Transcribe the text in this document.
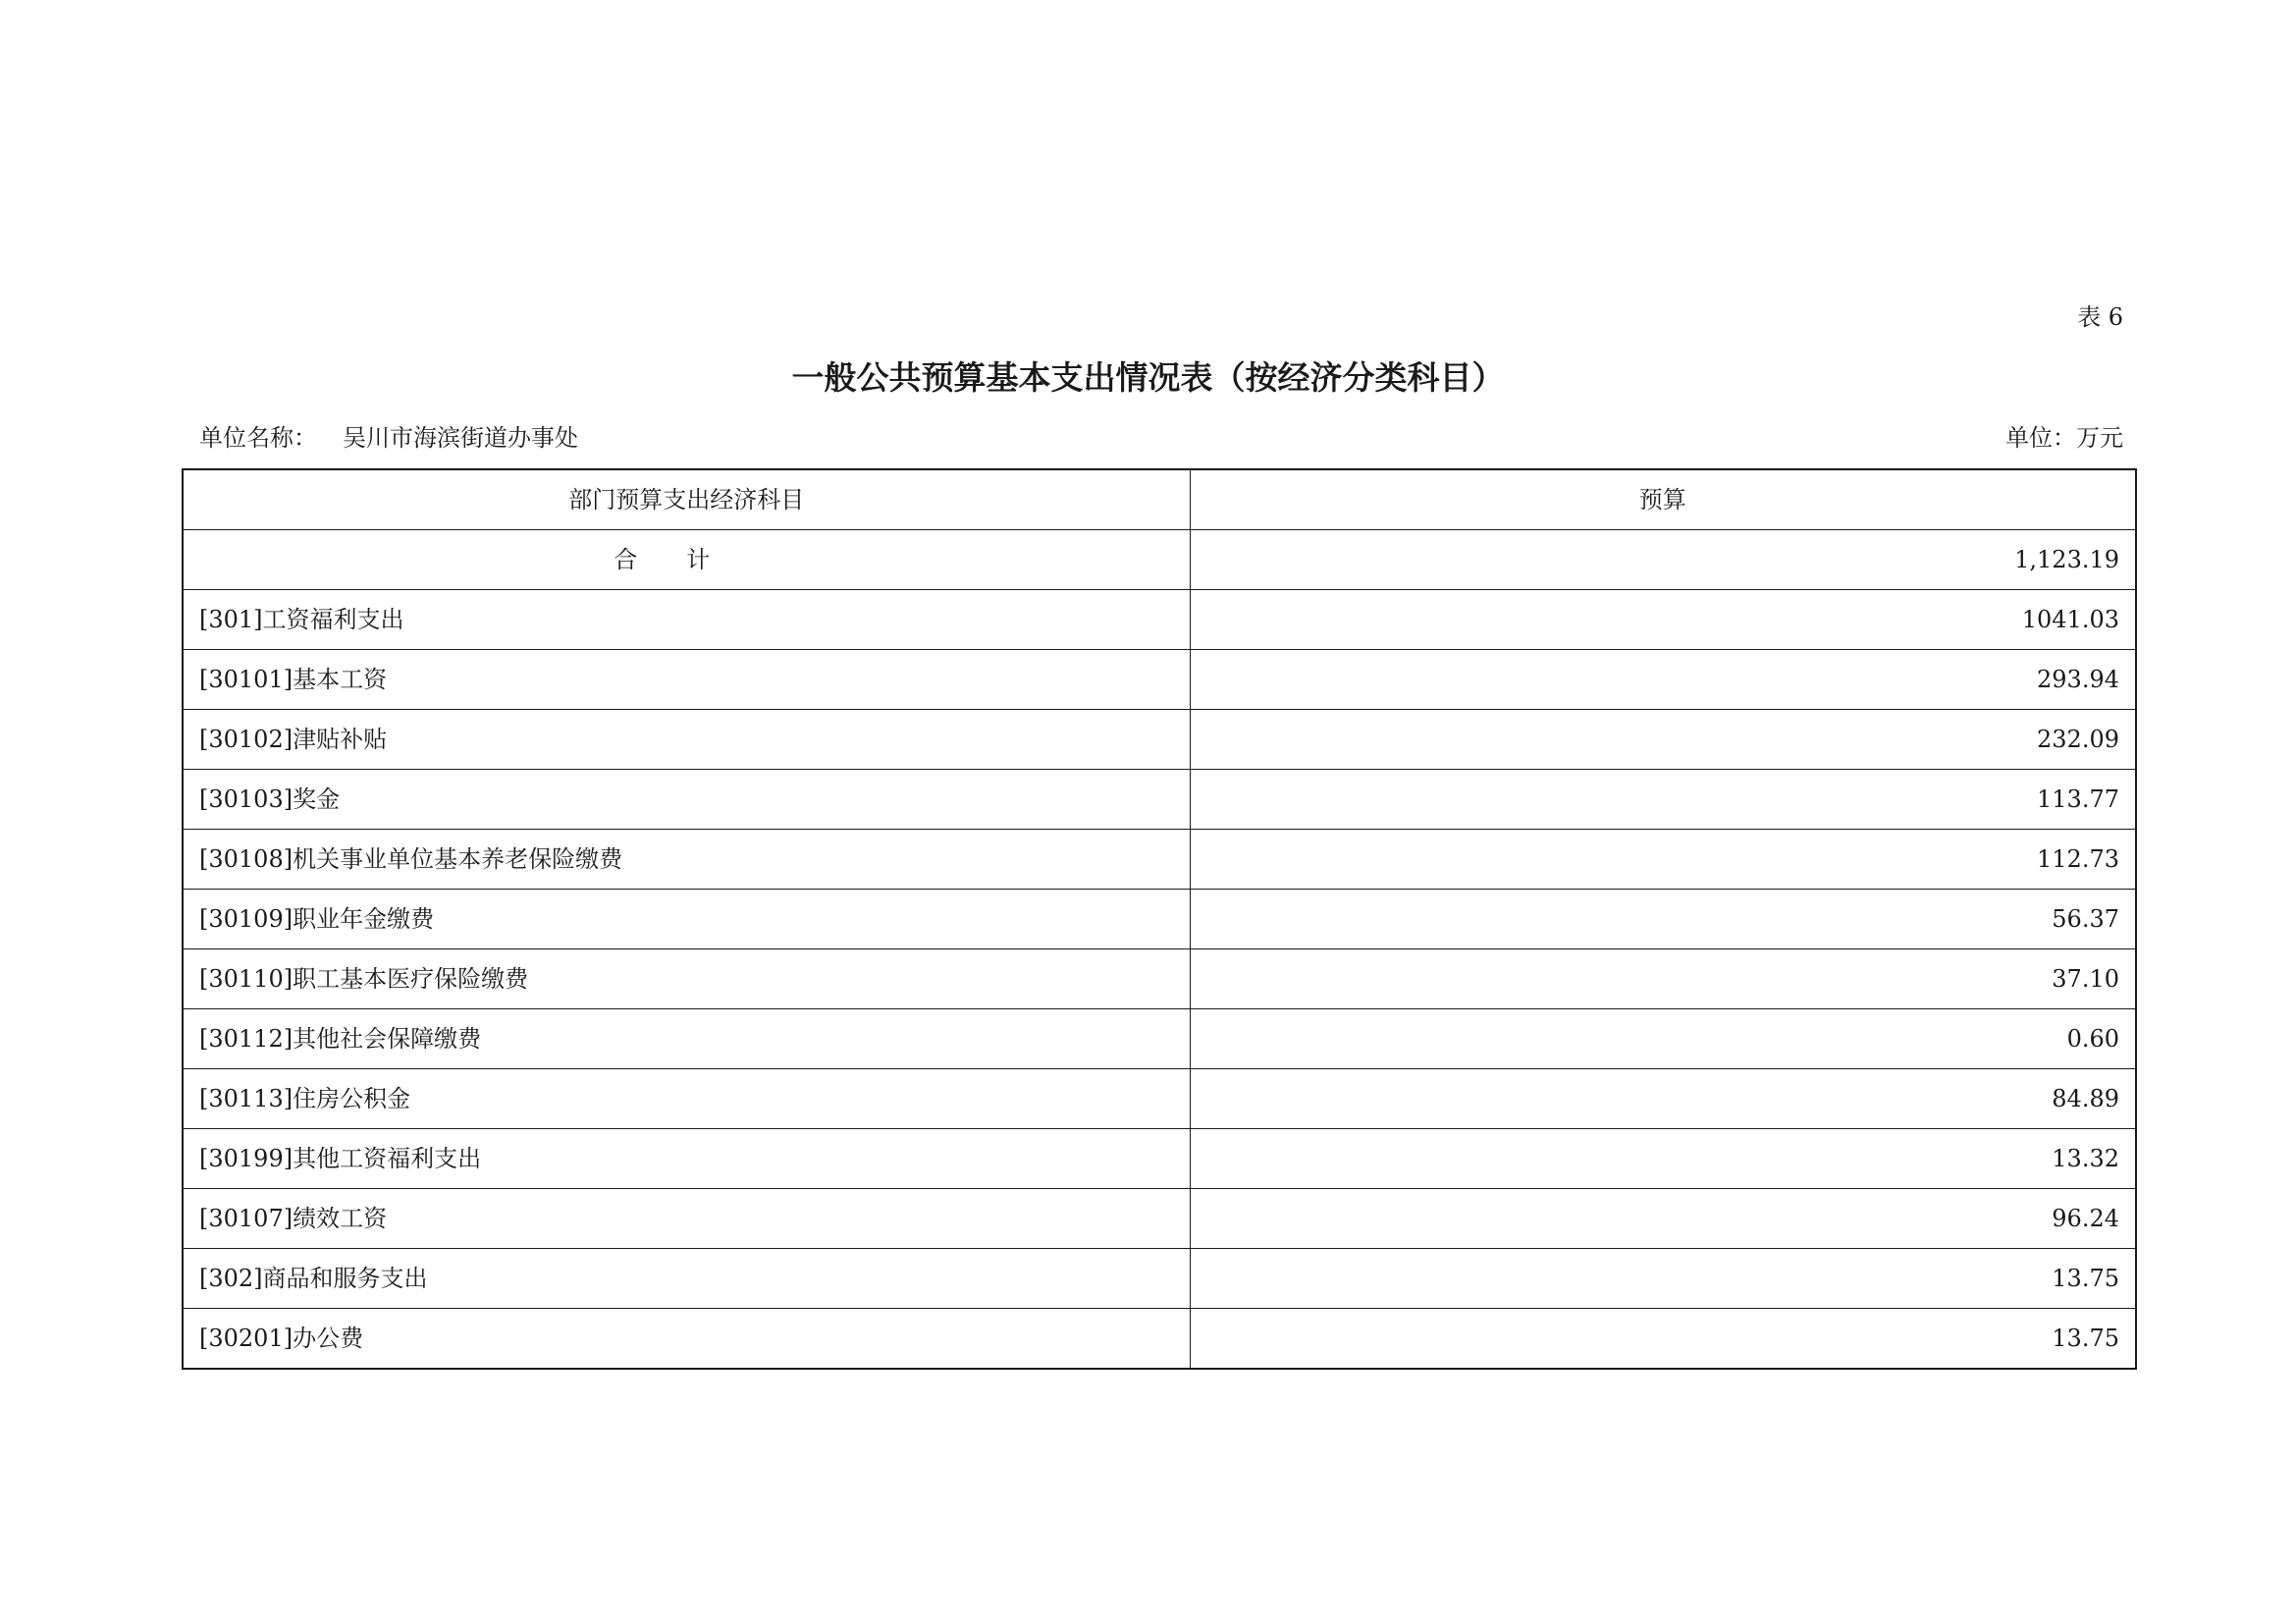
表 6
一般公共预算基本支出情况表（按经济分类科目）
单位名称： 吴川市海滨街道办事处	单位：万元
部门预算支出经济科目	预算
合计	1,123.19
[301]工资福利支出	1041.03
[30101]基本工资	293.94
[30102]津贴补贴	232.09
[30103]奖金	113.77
[30108]机关事业单位基本养老保险缴费	112.73
[30109]职业年金缴费	56.37
[30110]职工基本医疗保险缴费	37.10
[30112]其他社会保障缴费	0.60
[30113]住房公积金	84.89
[30199]其他工资福利支出	13.32
[30107]绩效工资	96.24
[302]商品和服务支出	13.75
[30201]办公费	13.75
